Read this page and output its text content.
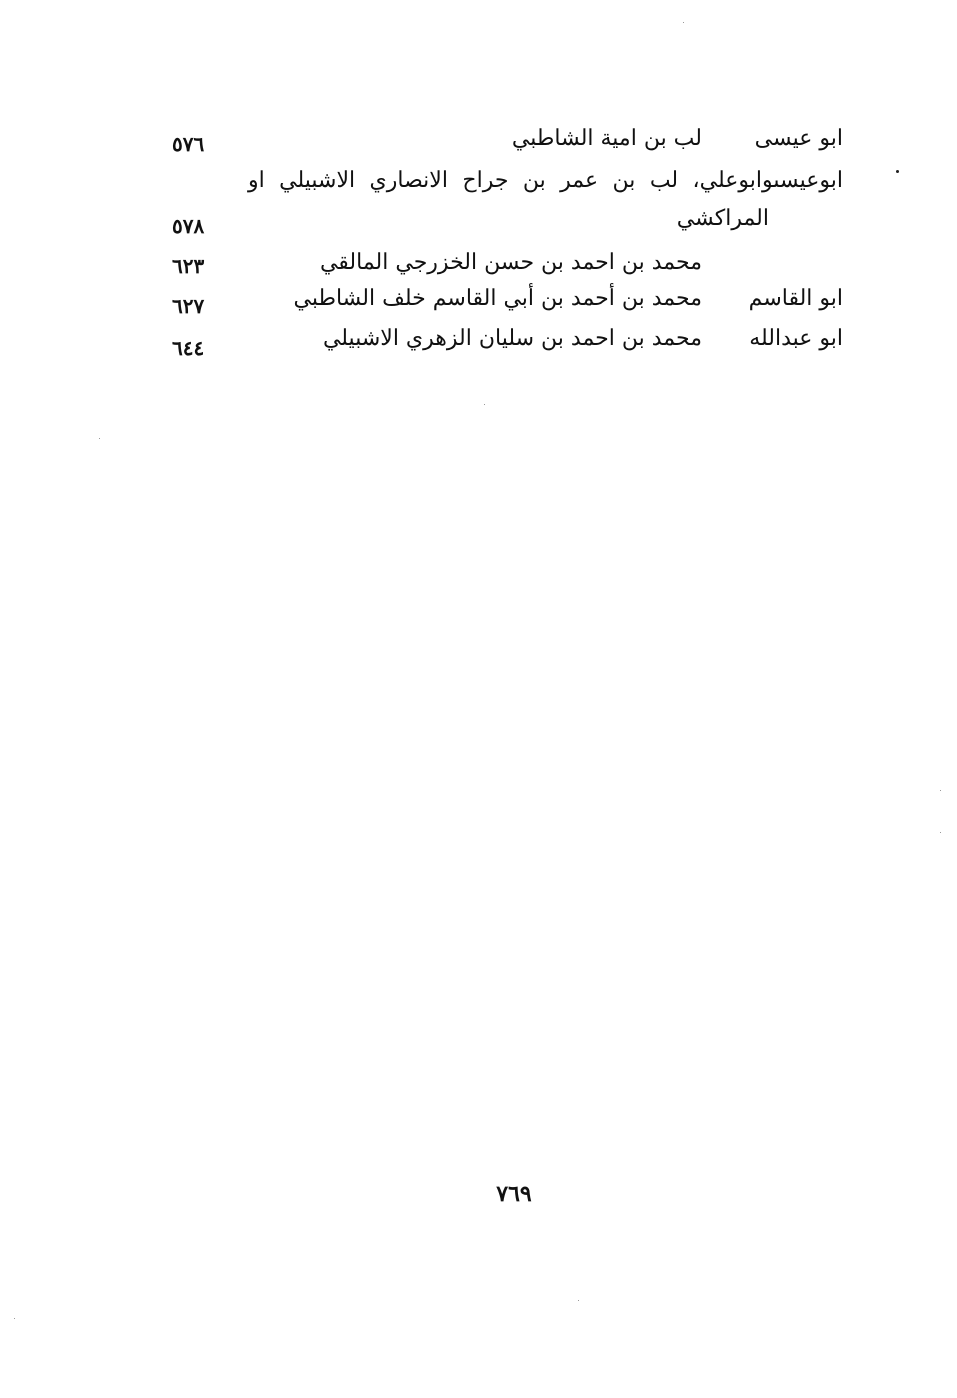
ابو عيسى
لب بن امية الشاطبي
٥٧٦
ابوعيسىوابوعلي، لب بن عمر بن جراح الانصاري الاشبيلي او
المراكشي
٥٧٨
محمد بن احمد بن حسن الخزرجي المالقي
٦٢٣
ابو القاسم
محمد بن أحمد بن أبي القاسم خلف الشاطبي
٦٢٧
ابو عبدالله
محمد بن احمد بن سليان الزهري الاشبيلي
٦٤٤
٧٦٩
